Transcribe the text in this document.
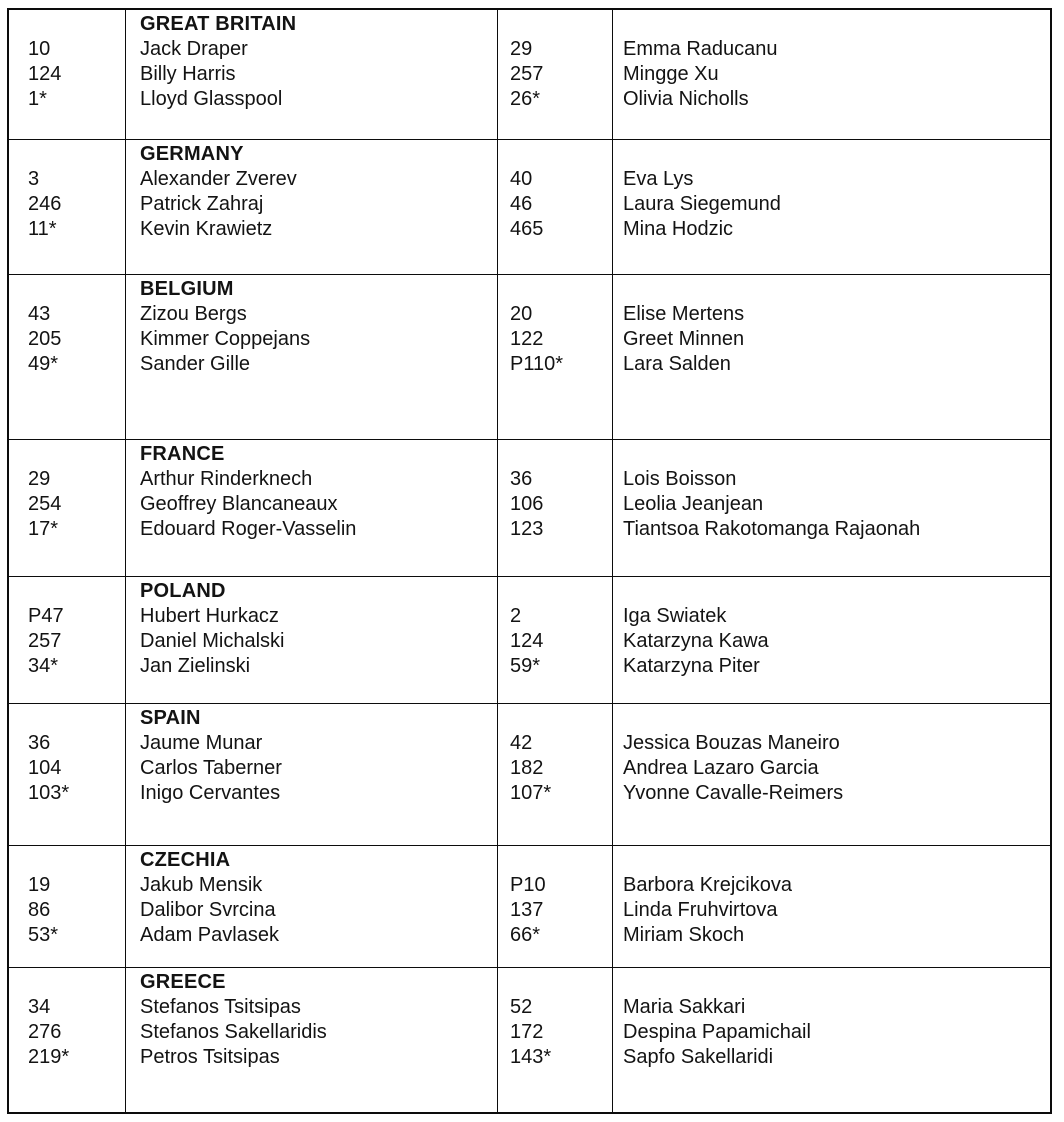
10
124
1*
GREAT BRITAIN
Jack Draper
Billy Harris
Lloyd Glasspool

29
257
26*

Emma Raducanu
Mingge Xu
Olivia Nicholls

3
246
11*
GERMANY
Alexander Zverev
Patrick Zahraj
Kevin Krawietz

40
46
465

Eva Lys
Laura Siegemund
Mina Hodzic

43
205
49*
BELGIUM
Zizou Bergs
Kimmer Coppejans
Sander Gille

20
122
P110*

Elise Mertens
Greet Minnen
Lara Salden

29
254
17*
FRANCE
Arthur Rinderknech
Geoffrey Blancaneaux
Edouard Roger-Vasselin

36
106
123

Lois Boisson
Leolia Jeanjean
Tiantsoa Rakotomanga Rajaonah

P47
257
34*
POLAND
Hubert Hurkacz
Daniel Michalski
Jan Zielinski

2
124
59*

Iga Swiatek
Katarzyna Kawa
Katarzyna Piter

36
104
103*
SPAIN
Jaume Munar
Carlos Taberner
Inigo Cervantes

42
182
107*

Jessica Bouzas Maneiro
Andrea Lazaro Garcia
Yvonne Cavalle-Reimers

19
86
53*
CZECHIA
Jakub Mensik
Dalibor Svrcina
Adam Pavlasek

P10
137
66*

Barbora Krejcikova
Linda Fruhvirtova
Miriam Skoch

34
276
219*
GREECE
Stefanos Tsitsipas
Stefanos Sakellaridis
Petros Tsitsipas

52
172
143*

Maria Sakkari
Despina Papamichail
Sapfo Sakellaridi
